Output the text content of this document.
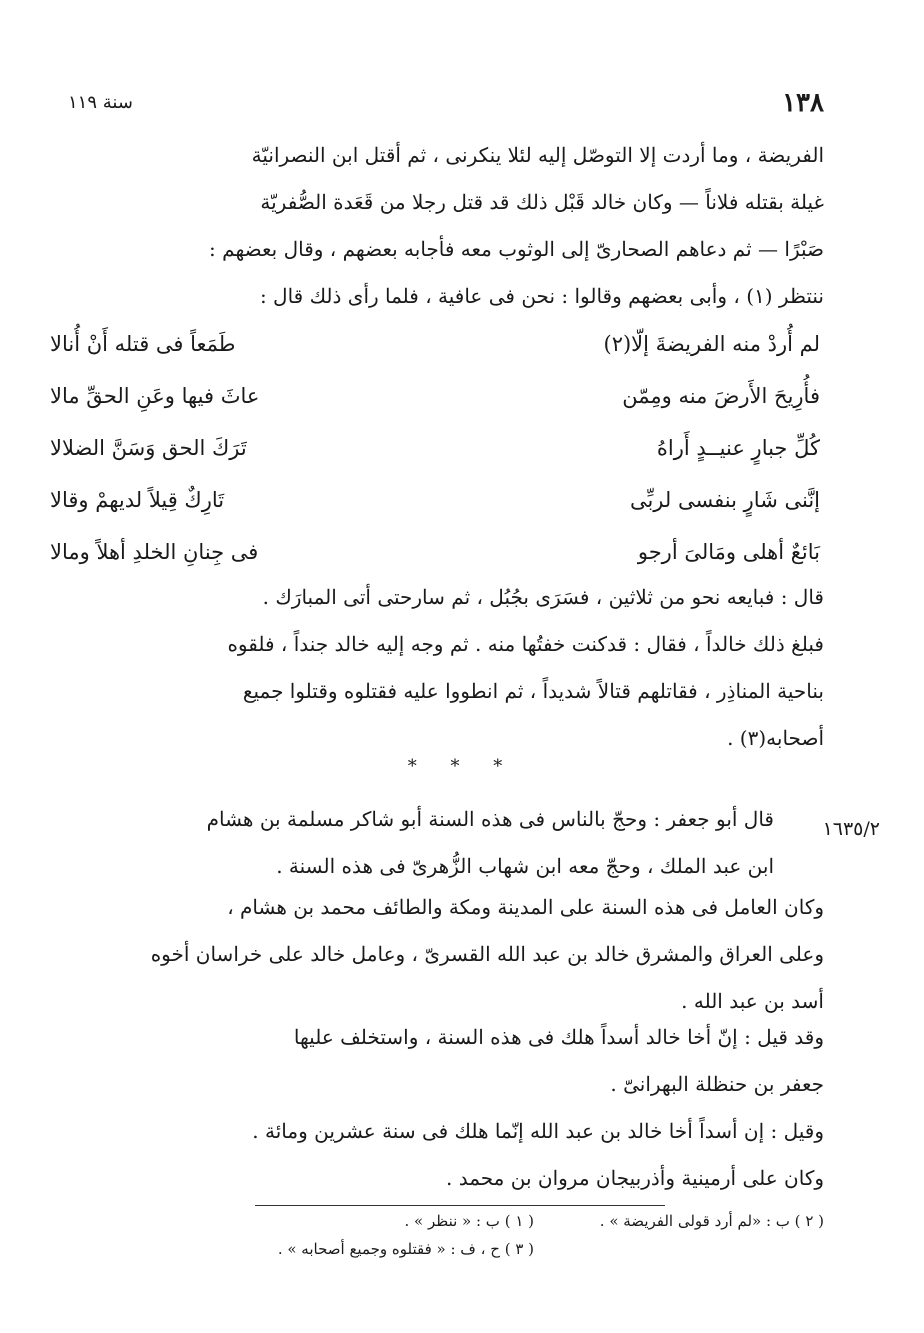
١٣٨
سنة ١١٩
الفريضة ، وما أردت إلا التوصّل إليه لئلا ينكرنى ، ثم أقتل ابن النصرانيّة
غيلة بقتله فلاناً — وكان خالد قَبْل ذلك قد قتل رجلا من قَعَدة الصُّفريّة
صَبْرًا — ثم دعاهم الصحارىّ إلى الوثوب معه فأجابه بعضهم ، وقال بعضهم :
ننتظر (١) ، وأبى بعضهم وقالوا : نحن فى عافية ، فلما رأى ذلك قال :
لم أُردْ منه الفريضةَ إلّا(٢)
طَمَعاً فى قتله أَنْ أُنالا
فأُرِيحَ الأَرضَ منه ومِمّن
عاثَ فيها وعَنِ الحقِّ مالا
كُلِّ جبارٍ عنيــدٍ أَراهُ
تَرَكَ الحق وَسَنَّ الضلالا
إنَّنى شَارٍ بنفسى لربِّى
تَارِكٌ قِيلاً لديهمْ وقالا
بَائعٌ أهلى ومَالىَ أرجو
فى جِنانِ الخلدِ أهلاً ومالا
قال : فبايعه نحو من ثلاثين ، فسَرَى بجُبُل ، ثم سارحتى أتى المبارَك .
فبلغ ذلك خالداً ، فقال : قدكنت خفتُها منه . ثم وجه إليه خالد جنداً ، فلقوه
بناحية المناذِر ، فقاتلهم قتالاً شديداً ، ثم انطووا عليه فقتلوه وقتلوا جميع
أصحابه(٣) .
* * *
١٦٣٥/٢
قال أبو جعفر : وحجّ بالناس فى هذه السنة أبو شاكر مسلمة بن هشام
ابن عبد الملك ، وحجّ معه ابن شهاب الزُّهرىّ فى هذه السنة .
وكان العامل فى هذه السنة على المدينة ومكة والطائف محمد بن هشام ،
وعلى العراق والمشرق خالد بن عبد الله القسرىّ ، وعامل خالد على خراسان أخوه
أسد بن عبد الله .
وقد قيل : إنّ أخا خالد أسداً هلك فى هذه السنة ، واستخلف عليها
جعفر بن حنظلة البهرانىّ .
وقيل : إن أسداً أخا خالد بن عبد الله إنّما هلك فى سنة عشرين ومائة .
وكان على أرمينية وأذربيجان مروان بن محمد .
( ١ ) ب : « ننظر » .	( ٢ ) ب : «لم أرد قولى الفريضة » .
( ٣ ) ح ، ف : « فقتلوه وجميع أصحابه » .
